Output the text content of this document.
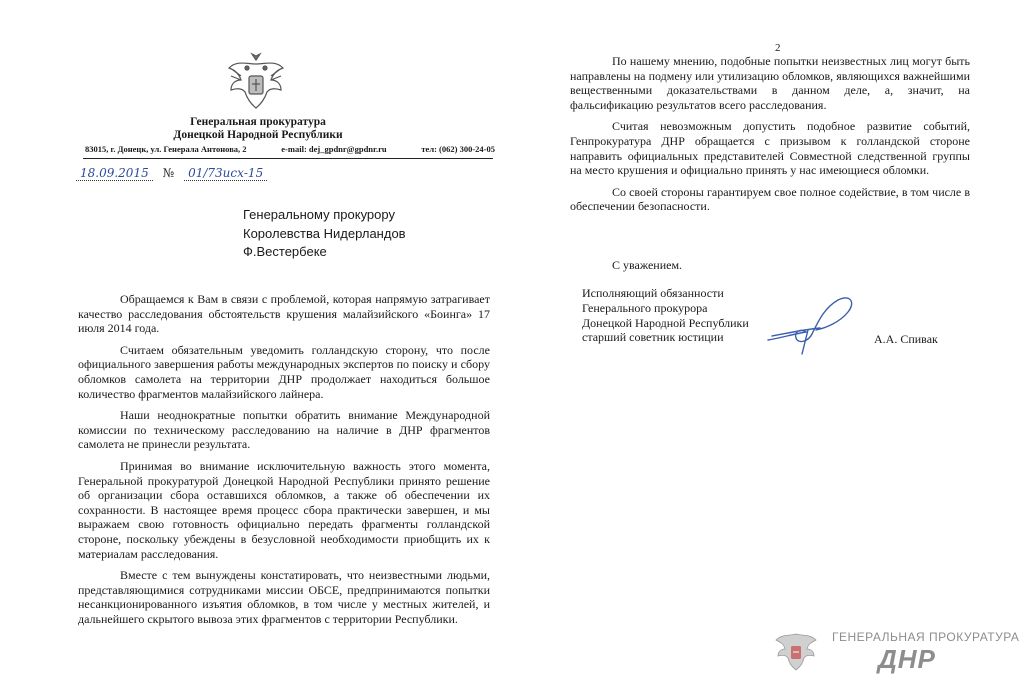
Генеральная прокуратура
Донецкой Народной Республики
83015, г. Донецк, ул. Генерала Антонова, 2	e-mail: dej_gpdnr@gpdnr.ru	тел: (062) 300-24-05
18.09.2015	№	01/73исх-15
Генеральному прокурору
Королевства Нидерландов
Ф.Вестербеке

Обращаемся к Вам в связи с проблемой, которая напрямую затрагивает качество расследования обстоятельств крушения малайзийского «Боинга» 17 июля 2014 года.

Считаем обязательным уведомить голландскую сторону, что после официального завершения работы международных экспертов по поиску и сбору обломков самолета на территории ДНР продолжает находиться большое количество фрагментов малайзийского лайнера.

Наши неоднократные попытки обратить внимание Международной комиссии по техническому расследованию на наличие в ДНР фрагментов самолета не принесли результата.

Принимая во внимание исключительную важность этого момента, Генеральной прокуратурой Донецкой Народной Республики принято решение об организации сбора оставшихся обломков, а также об обеспечении их сохранности. В настоящее время процесс сбора практически завершен, и мы выражаем свою готовность официально передать фрагменты голландской стороне, поскольку убеждены в безусловной необходимости приобщить их к материалам расследования.

Вместе с тем вынуждены констатировать, что неизвестными людьми, представляющимися сотрудниками миссии ОБСЕ, предпринимаются попытки несанкционированного изъятия обломков, в том числе у местных жителей, и дальнейшего скрытого вывоза этих фрагментов с территории Республики.

2

По нашему мнению, подобные попытки неизвестных лиц могут быть направлены на подмену или утилизацию обломков, являющихся важнейшими вещественными доказательствами в данном деле, а, значит, на фальсификацию результатов всего расследования.

Считая невозможным допустить подобное развитие событий, Генпрокуратура ДНР обращается с призывом к голландской стороне направить официальных представителей Совместной следственной группы на место крушения и официально принять у нас имеющиеся обломки.

Со своей стороны гарантируем свое полное содействие, в том числе в обеспечении безопасности.

С уважением.
Исполняющий обязанности
Генерального прокурора
Донецкой Народной Республики
старший советник юстиции	А.А. Спивак
ГЕНЕРАЛЬНАЯ ПРОКУРАТУРА
ДНР
